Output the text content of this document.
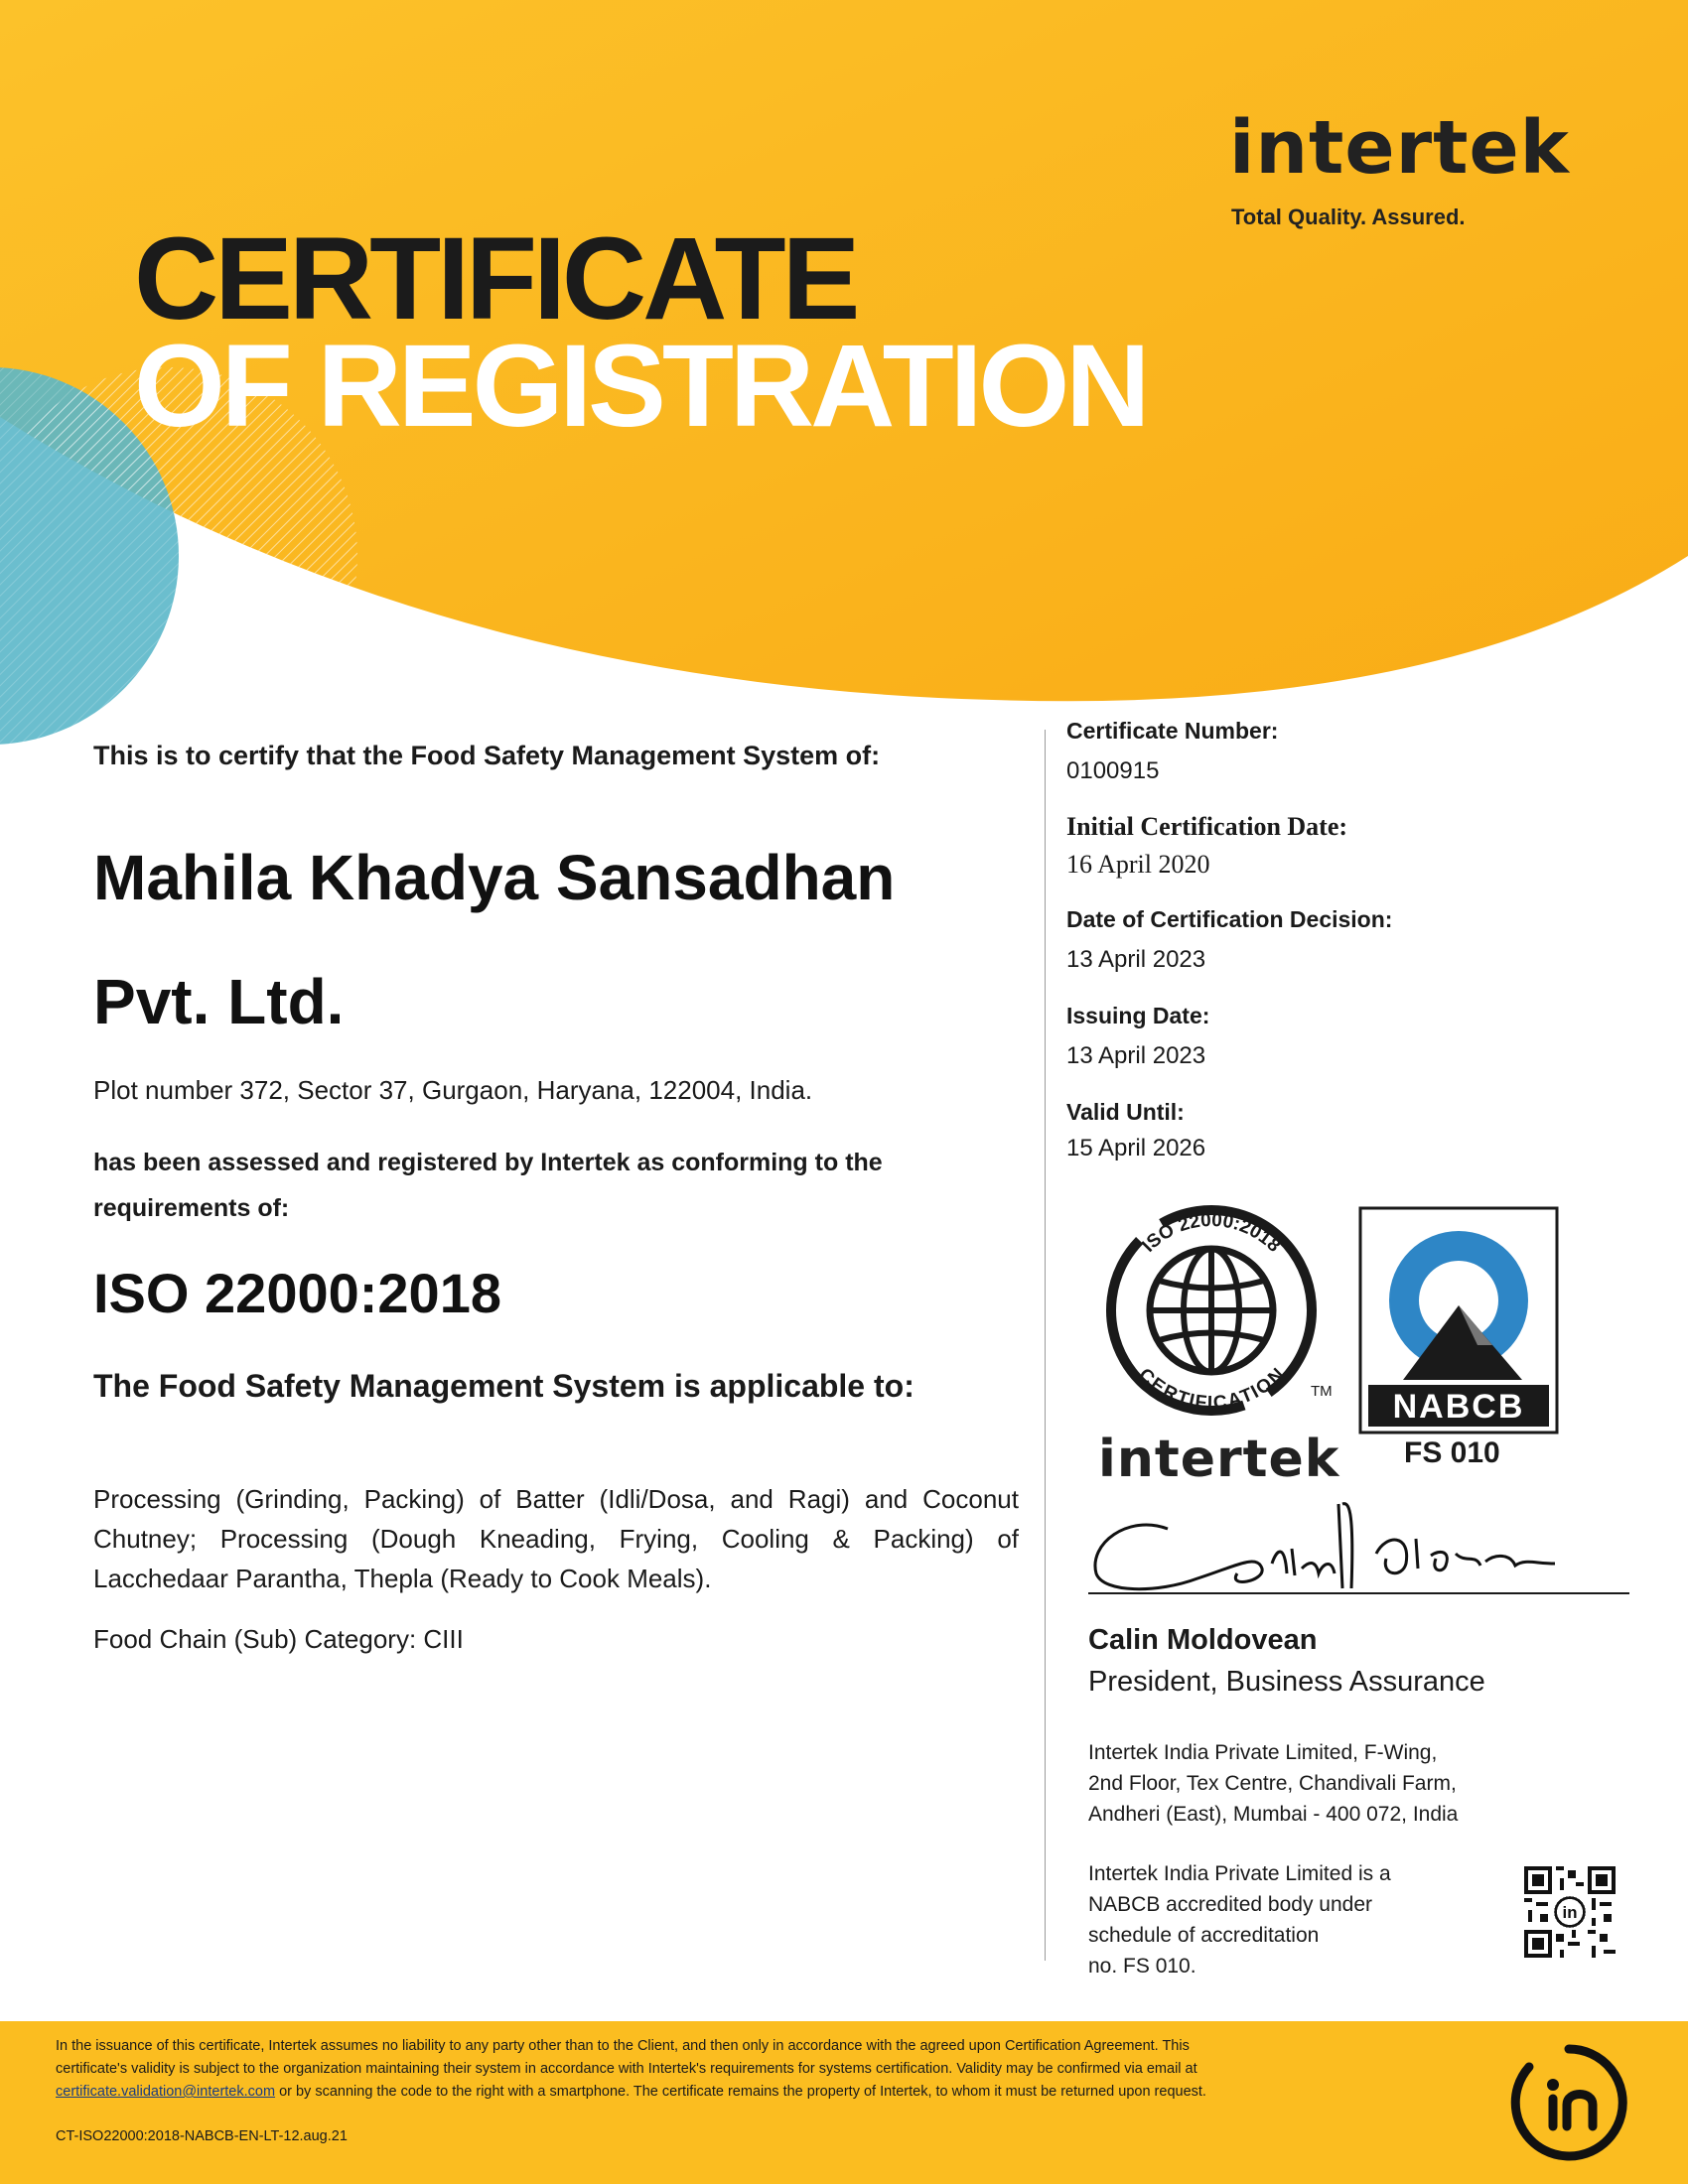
intertek
Total Quality. Assured.
CERTIFICATE
OF REGISTRATION
This is to certify that the Food Safety Management System of:
Mahila Khadya Sansadhan
Pvt. Ltd.
Plot number 372, Sector 37, Gurgaon, Haryana, 122004, India.
has been assessed and registered by Intertek as conforming to the
requirements of:
ISO 22000:2018
The Food Safety Management System is applicable to:
Processing (Grinding, Packing) of Batter (Idli/Dosa, and Ragi) and Coconut Chutney; Processing (Dough Kneading, Frying, Cooling & Packing) of Lacchedaar Parantha, Thepla (Ready to Cook Meals).
Food Chain (Sub) Category: CIII
Certificate Number:
0100915
Initial Certification Date:
16 April 2020
Date of Certification Decision:
13 April 2023
Issuing Date:
13 April 2023
Valid Until:
15 April 2026
ISO 22000:2018
CERTIFICATION
TM
intertek
NABCB
FS 010
Calin Moldovean
President, Business Assurance
Intertek India Private Limited, F-Wing,
2nd Floor, Tex Centre, Chandivali Farm,
Andheri (East), Mumbai - 400 072, India
Intertek India Private Limited is a
NABCB accredited body under
schedule of accreditation
no. FS 010.
in
In the issuance of this certificate, Intertek assumes no liability to any party other than to the Client, and then only in accordance with the agreed upon Certification Agreement. This
certificate's validity is subject to the organization maintaining their system in accordance with Intertek's requirements for systems certification. Validity may be confirmed via email at
certificate.validation@intertek.com or by scanning the code to the right with a smartphone. The certificate remains the property of Intertek, to whom it must be returned upon request.
CT-ISO22000:2018-NABCB-EN-LT-12.aug.21
